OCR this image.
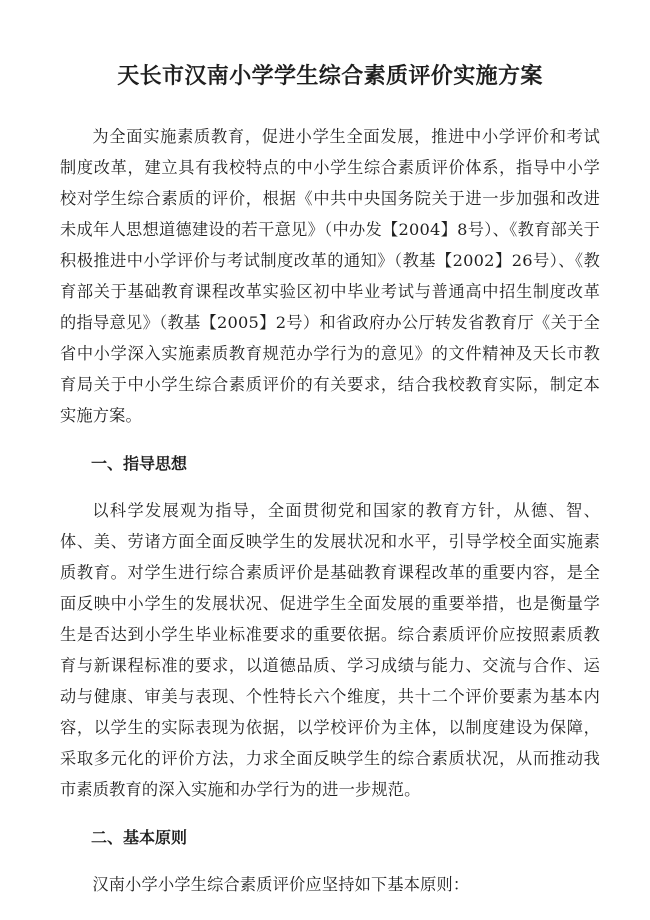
天长市汉南小学学生综合素质评价实施方案

为全面实施素质教育，促进小学生全面发展，推进中小学评价和考试制度改革，建立具有我校特点的中小学生综合素质评价体系，指导中小学校对学生综合素质的评价，根据《中共中央国务院关于进一步加强和改进未成年人思想道德建设的若干意见》（中办发【2004】8号）、《教育部关于积极推进中小学评价与考试制度改革的通知》（教基【2002】26号）、《教育部关于基础教育课程改革实验区初中毕业考试与普通高中招生制度改革的指导意见》（教基【2005】2号）和省政府办公厅转发省教育厅《关于全省中小学深入实施素质教育规范办学行为的意见》的文件精神及天长市教育局关于中小学生综合素质评价的有关要求，结合我校教育实际，制定本实施方案。

一、指导思想

以科学发展观为指导，全面贯彻党和国家的教育方针，从德、智、体、美、劳诸方面全面反映学生的发展状况和水平，引导学校全面实施素质教育。对学生进行综合素质评价是基础教育课程改革的重要内容，是全面反映中小学生的发展状况、促进学生全面发展的重要举措，也是衡量学生是否达到小学生毕业标准要求的重要依据。综合素质评价应按照素质教育与新课程标准的要求，以道德品质、学习成绩与能力、交流与合作、运动与健康、审美与表现、个性特长六个维度，共十二个评价要素为基本内容，以学生的实际表现为依据，以学校评价为主体，以制度建设为保障，采取多元化的评价方法，力求全面反映学生的综合素质状况，从而推动我市素质教育的深入实施和办学行为的进一步规范。

二、基本原则

汉南小学小学生综合素质评价应坚持如下基本原则：
